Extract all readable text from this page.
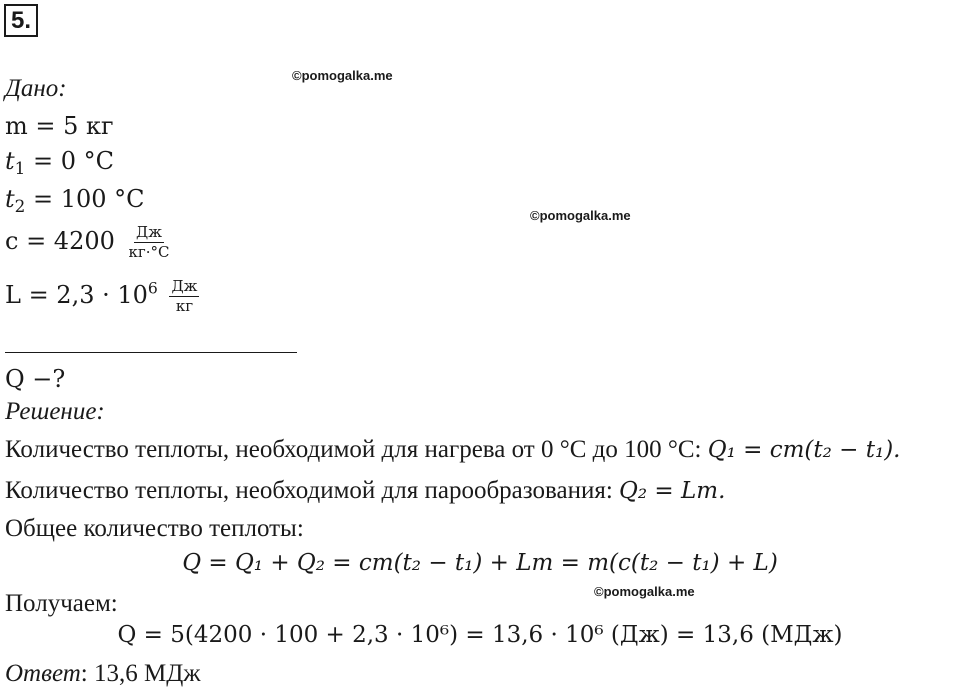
5.
©pomogalka.me
©pomogalka.me
©pomogalka.me
Дано:
m = 5 кг
$t_1 = 0$ °C
$t_2 = 100$ °C
$c = 4200 \frac{Дж}{кг\cdot^\circ C}$
$L = 2,3 \cdot 10^6 \frac{Дж}{кг}$
Q −?
Решение:
Количество теплоты, необходимой для нагрева от 0 °C до 100 °C: Q₁ = cm(t₂ − t₁).
Количество теплоты, необходимой для парообразования: Q₂ = Lm.
Общее количество теплоты:
Q = Q₁ + Q₂ = cm(t₂ − t₁) + Lm = m(c(t₂ − t₁) + L)
Получаем:
Q = 5(4200 · 100 + 2,3 · 10⁶) = 13,6 · 10⁶ (Дж) = 13,6 (МДж)
Ответ: 13,6 МДж
